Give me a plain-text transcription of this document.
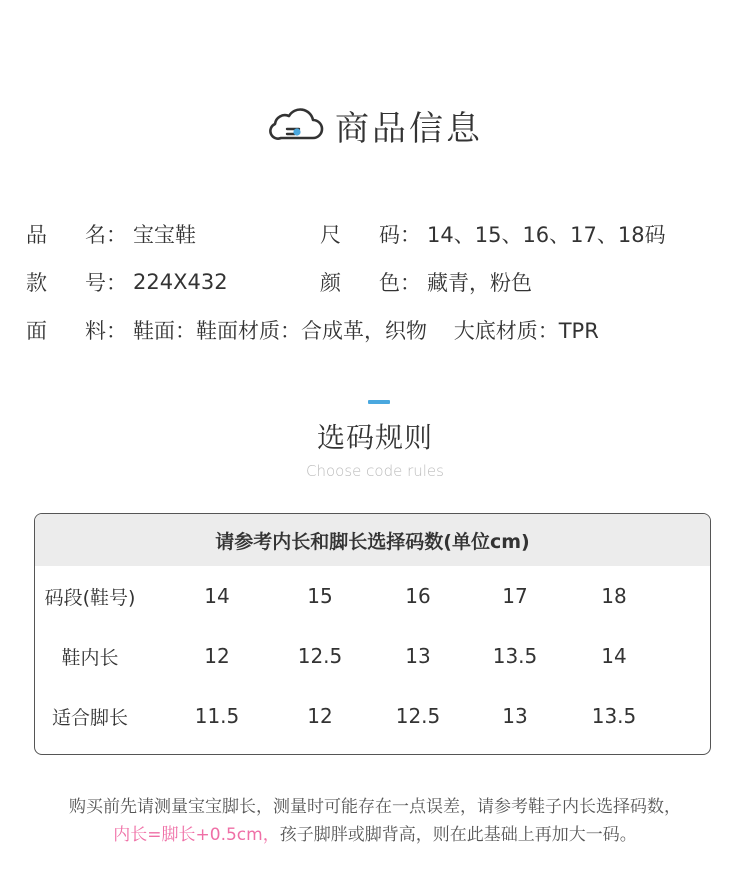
商品信息
品 名 ： 宝宝鞋	尺 码 ： 14、15、16、17、18码
款 号 ： 224X432	颜 色 ： 藏青，粉色
面 料 ： 鞋面：鞋面材质：合成革，织物    大底材质：TPR
选码规则
Choose code rules
请参考内长和脚长选择码数(单位cm)
码段(鞋号)	14	15	16	17	18
鞋内长	12	12.5	13	13.5	14
适合脚长	11.5	12	12.5	13	13.5
购买前先请测量宝宝脚长，测量时可能存在一点误差，请参考鞋子内长选择码数，
内长=脚长+0.5cm，孩子脚胖或脚背高，则在此基础上再加大一码。
